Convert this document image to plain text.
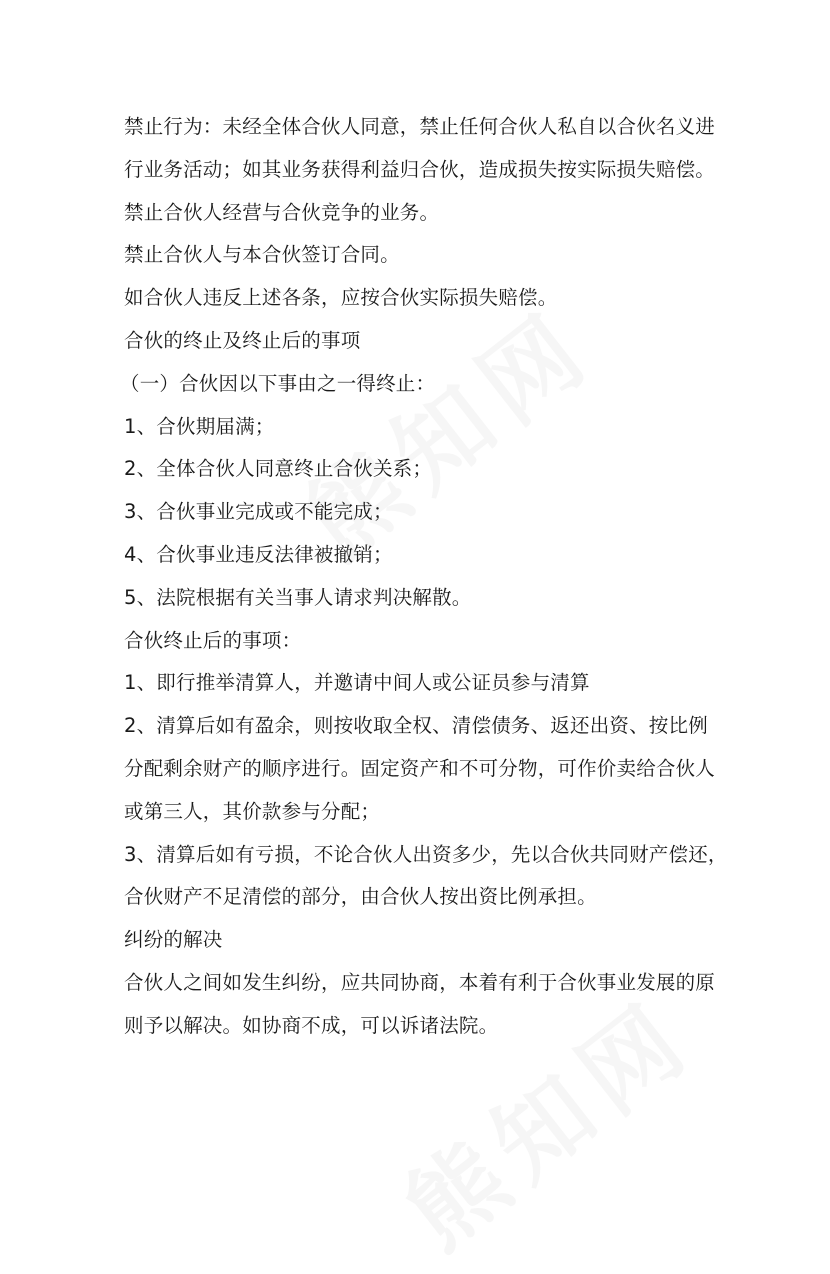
禁止行为：未经全体合伙人同意，禁止任何合伙人私自以合伙名义进
行业务活动；如其业务获得利益归合伙，造成损失按实际损失赔偿。
禁止合伙人经营与合伙竞争的业务。
禁止合伙人与本合伙签订合同。
如合伙人违反上述各条，应按合伙实际损失赔偿。
合伙的终止及终止后的事项
（一）合伙因以下事由之一得终止：
1、合伙期届满；
2、全体合伙人同意终止合伙关系；
3、合伙事业完成或不能完成；
4、合伙事业违反法律被撤销；
5、法院根据有关当事人请求判决解散。
合伙终止后的事项：
1、即行推举清算人，并邀请中间人或公证员参与清算
2、清算后如有盈余，则按收取全权、清偿债务、返还出资、按比例
分配剩余财产的顺序进行。固定资产和不可分物，可作价卖给合伙人
或第三人，其价款参与分配；
3、清算后如有亏损，不论合伙人出资多少，先以合伙共同财产偿还，
合伙财产不足清偿的部分，由合伙人按出资比例承担。
纠纷的解决
合伙人之间如发生纠纷，应共同协商，本着有利于合伙事业发展的原
则予以解决。如协商不成，可以诉诸法院。
